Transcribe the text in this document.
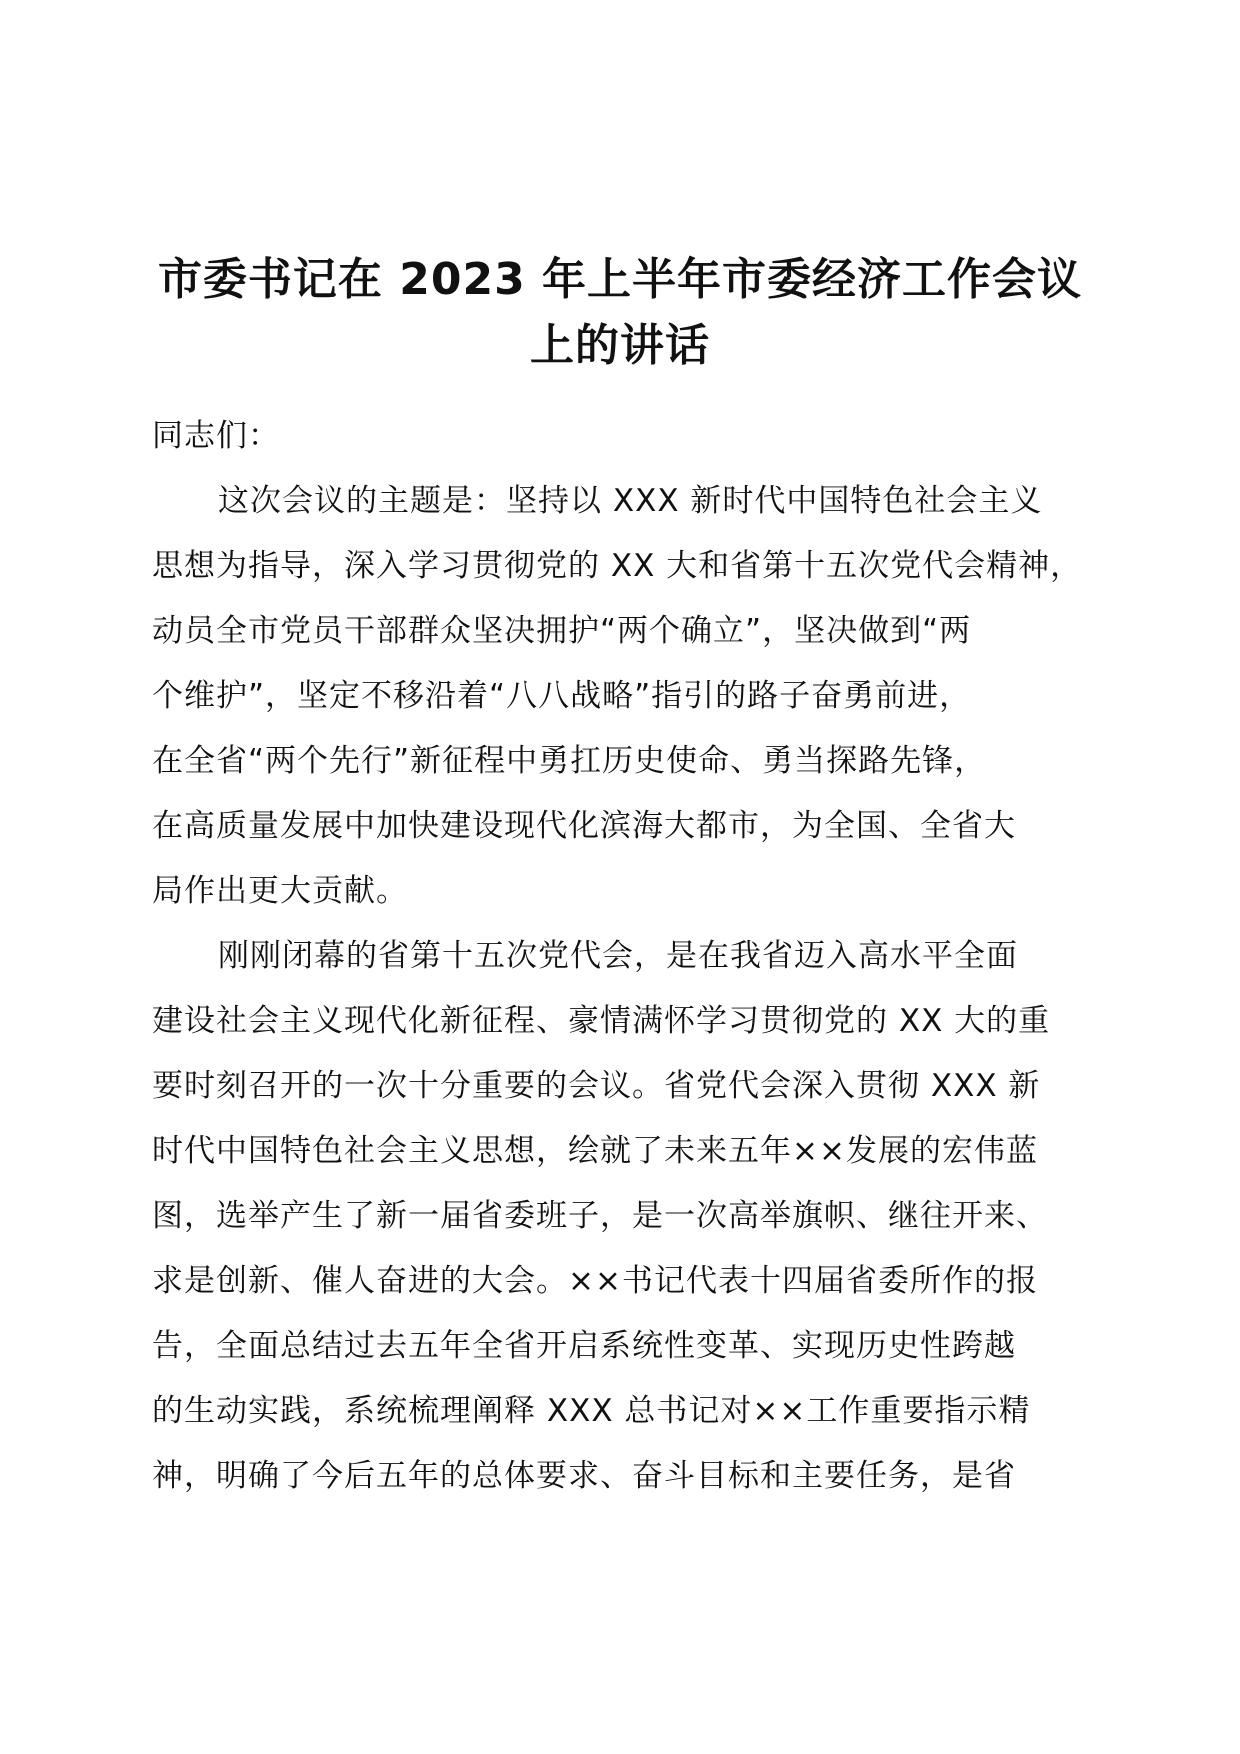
市委书记在 2023 年上半年市委经济工作会议
上的讲话
同志们：
这次会议的主题是：坚持以 XXX 新时代中国特色社会主义
思想为指导，深入学习贯彻党的 XX 大和省第十五次党代会精神，
动员全市党员干部群众坚决拥护“两个确立”，坚决做到“两
个维护”，坚定不移沿着“八八战略”指引的路子奋勇前进，
在全省“两个先行”新征程中勇扛历史使命、勇当探路先锋，
在高质量发展中加快建设现代化滨海大都市，为全国、全省大
局作出更大贡献。
刚刚闭幕的省第十五次党代会，是在我省迈入高水平全面
建设社会主义现代化新征程、豪情满怀学习贯彻党的 XX 大的重
要时刻召开的一次十分重要的会议。省党代会深入贯彻 XXX 新
时代中国特色社会主义思想，绘就了未来五年××发展的宏伟蓝
图，选举产生了新一届省委班子，是一次高举旗帜、继往开来、
求是创新、催人奋进的大会。××书记代表十四届省委所作的报
告，全面总结过去五年全省开启系统性变革、实现历史性跨越
的生动实践，系统梳理阐释 XXX 总书记对××工作重要指示精
神，明确了今后五年的总体要求、奋斗目标和主要任务，是省
